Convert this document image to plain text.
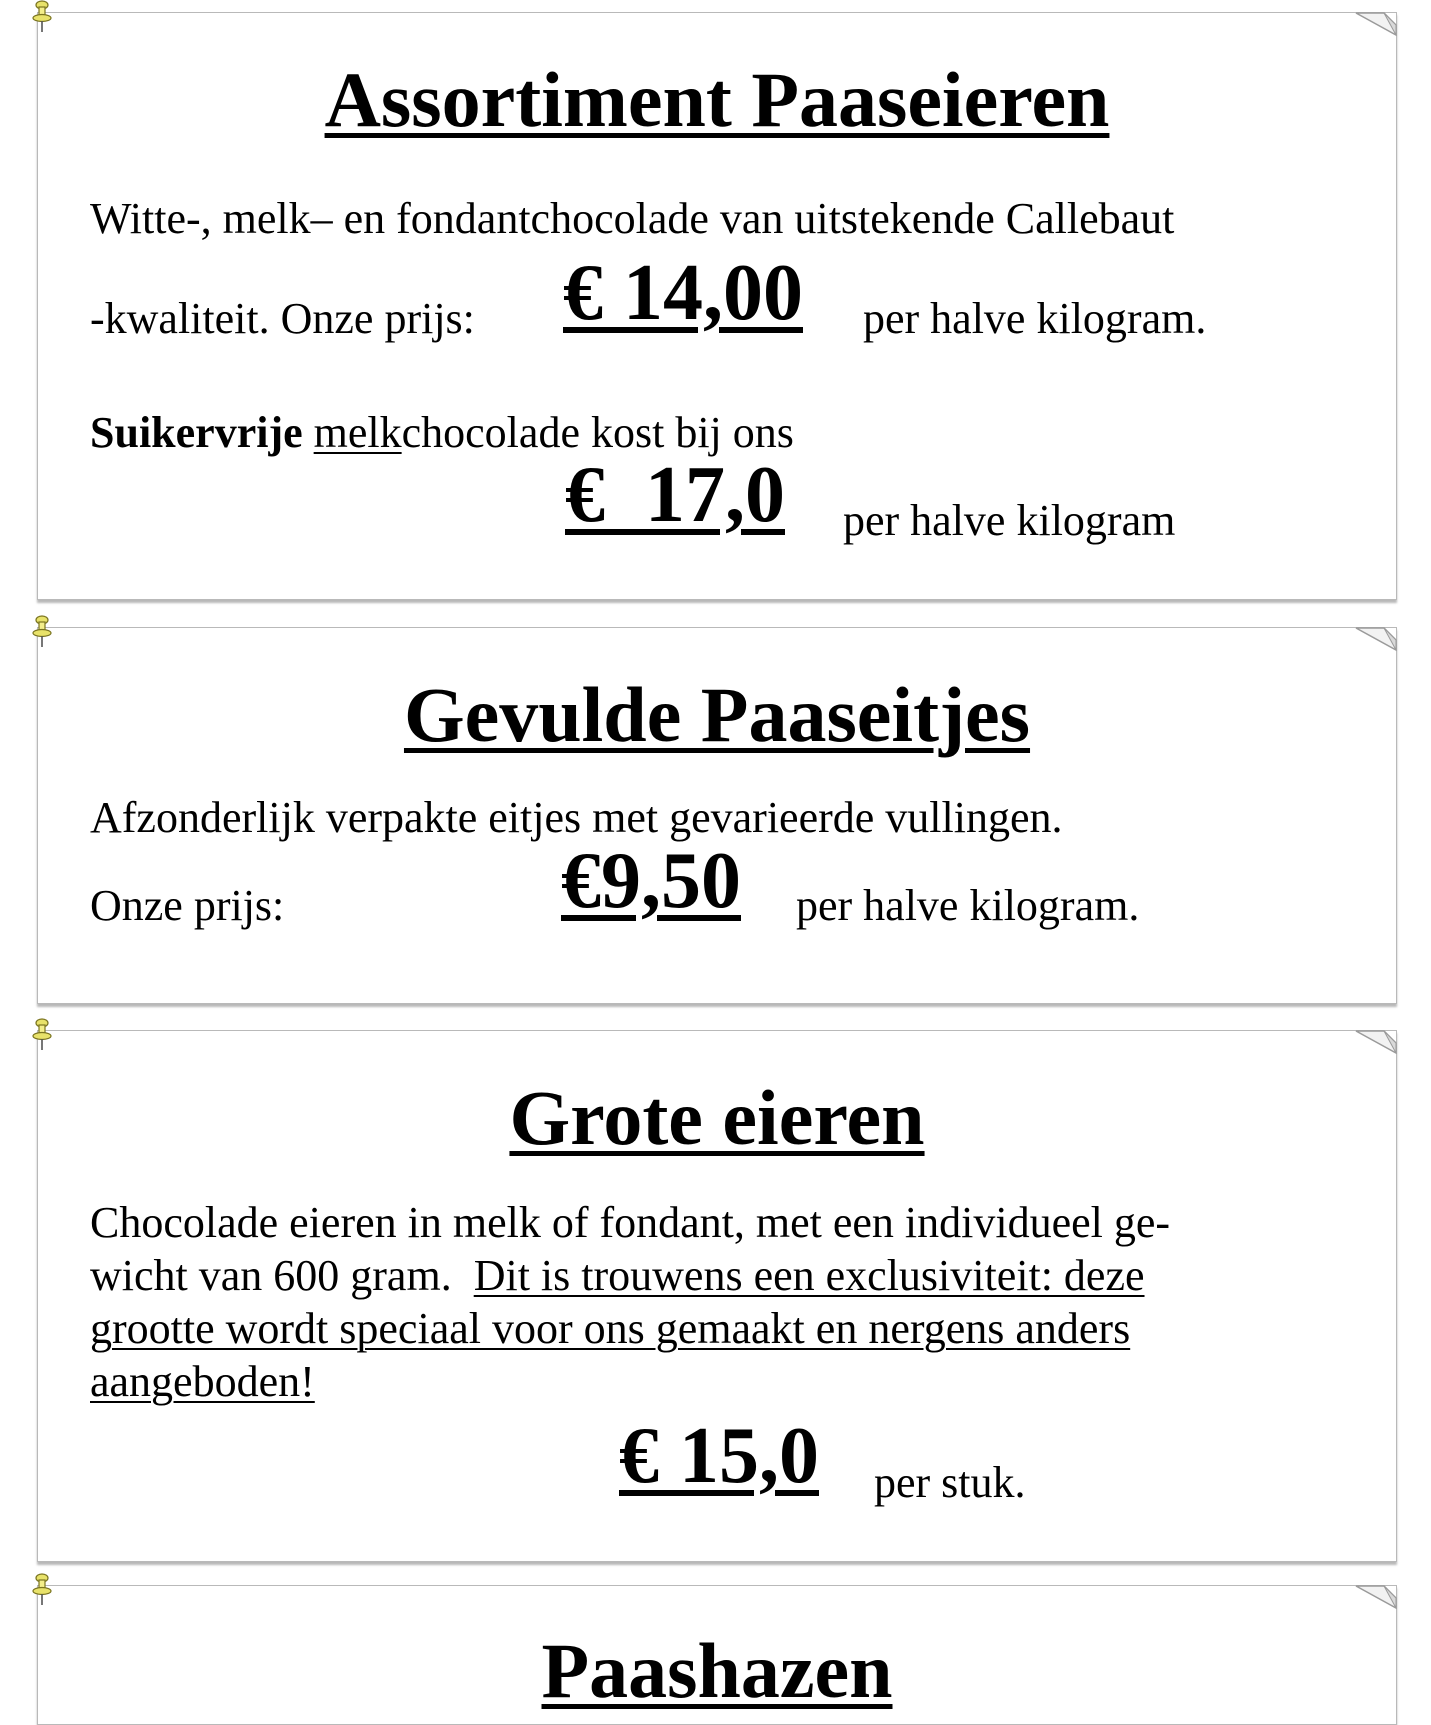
Assortiment Paaseieren
Witte-, melk– en fondantchocolade van uitstekende Callebaut
-kwaliteit. Onze prijs: € 14,00 per halve kilogram.
Suikervrije melkchocolade kost bij ons
€  17,0 per halve kilogram
Gevulde Paaseitjes
Afzonderlijk verpakte eitjes met gevarieerde vullingen.
Onze prijs:	€9,50 per halve kilogram.
Grote eieren
Chocolade eieren in melk of fondant, met een individueel ge-
wicht van 600 gram.  Dit is trouwens een exclusiviteit: deze
grootte wordt speciaal voor ons gemaakt en nergens anders
aangeboden!
€ 15,0 per stuk.
Paashazen
